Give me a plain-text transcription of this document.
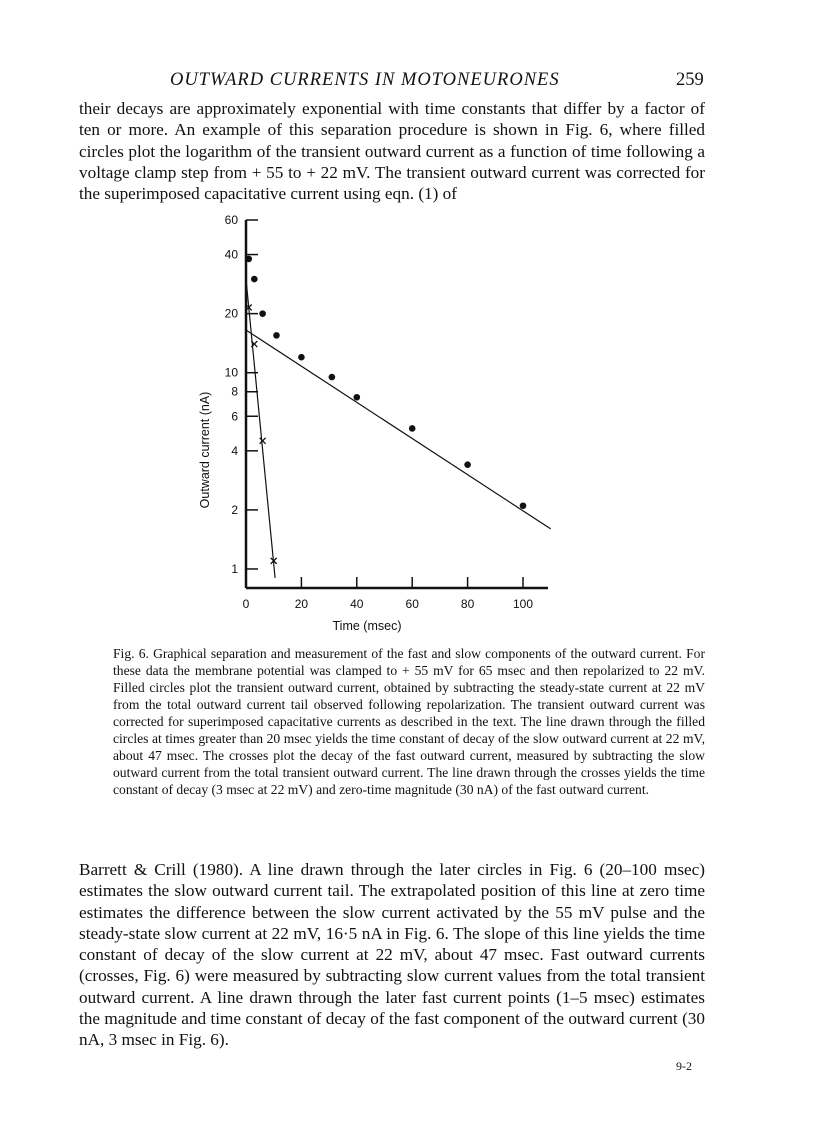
OUTWARD CURRENTS IN MOTONEURONES	259

their decays are approximately exponential with time constants that differ by a factor of ten or more. An example of this separation procedure is shown in Fig. 6, where filled circles plot the logarithm of the transient outward current as a function of time following a voltage clamp step from + 55 to + 22 mV. The transient outward current was corrected for the superimposed capacitative current using eqn. (1) of

1
2
4
6
8
10
20
40
60
0	20	40	60	80	100
Outward current (nA)
Time (msec)

Fig. 6. Graphical separation and measurement of the fast and slow components of the outward current. For these data the membrane potential was clamped to + 55 mV for 65 msec and then repolarized to 22 mV. Filled circles plot the transient outward current, obtained by subtracting the steady-state current at 22 mV from the total outward current tail observed following repolarization. The transient outward current was corrected for superimposed capacitative currents as described in the text. The line drawn through the filled circles at times greater than 20 msec yields the time constant of decay of the slow outward current at 22 mV, about 47 msec. The crosses plot the decay of the fast outward current, measured by subtracting the slow outward current from the total transient outward current. The line drawn through the crosses yields the time constant of decay (3 msec at 22 mV) and zero-time magnitude (30 nA) of the fast outward current.

Barrett & Crill (1980). A line drawn through the later circles in Fig. 6 (20–100 msec) estimates the slow outward current tail. The extrapolated position of this line at zero time estimates the difference between the slow current activated by the 55 mV pulse and the steady-state slow current at 22 mV, 16·5 nA in Fig. 6. The slope of this line yields the time constant of decay of the slow current at 22 mV, about 47 msec. Fast outward currents (crosses, Fig. 6) were measured by subtracting slow current values from the total transient outward current. A line drawn through the later fast current points (1–5 msec) estimates the magnitude and time constant of decay of the fast component of the outward current (30 nA, 3 msec in Fig. 6).

9-2
